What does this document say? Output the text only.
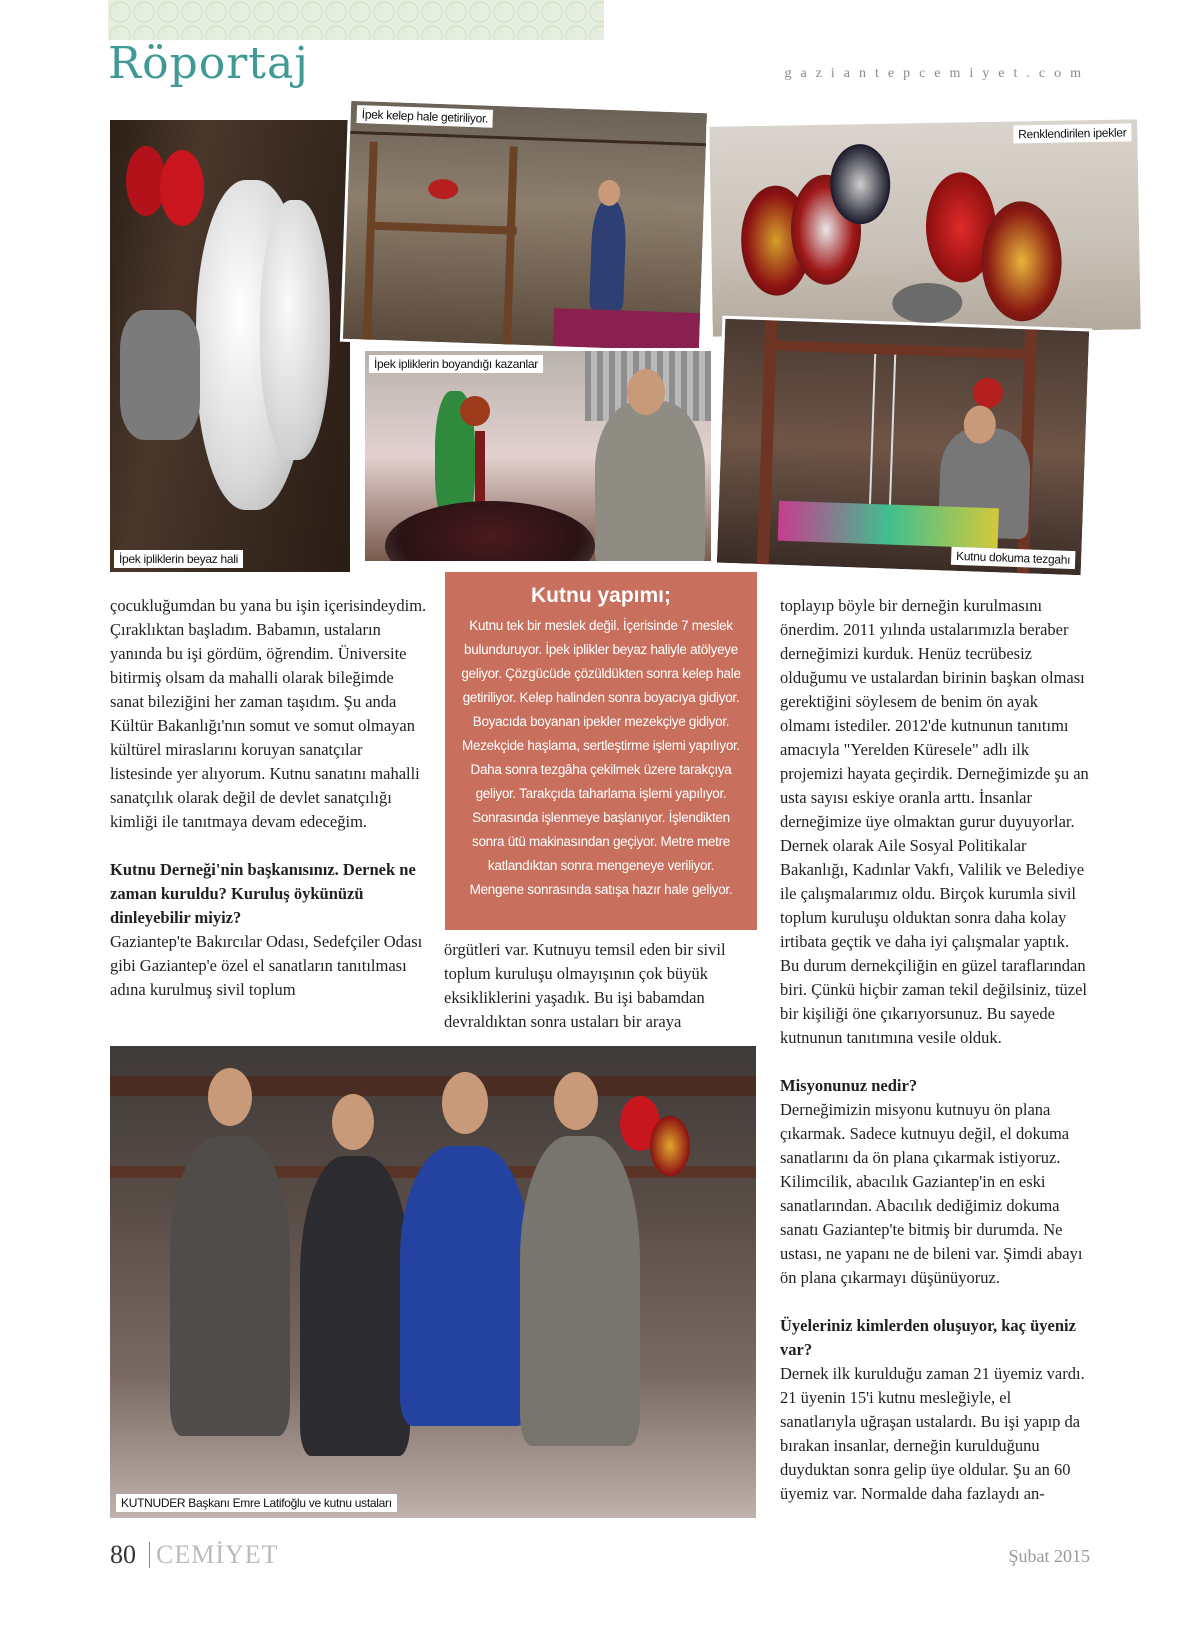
Röportaj	gaziantepcemiyet.com
İpek ipliklerin beyaz hali
İpek kelep hale getiriliyor.
Renklendirilen ipekler
İpek ipliklerin boyandığı kazanlar
Kutnu dokuma tezgahı

çocukluğumdan bu yana bu işin içerisindeydim. Çıraklıktan başladım. Babamın, ustaların yanında bu işi gördüm, öğrendim. Üniversite bitirmiş olsam da mahalli olarak bileğimde sanat bileziğini her zaman taşıdım. Şu anda Kültür Bakanlığı'nın somut ve somut olmayan kültürel miraslarını koruyan sanatçılar listesinde yer alıyorum. Kutnu sanatını mahalli sanatçılık olarak değil de devlet sanatçılığı kimliği ile tanıtmaya devam edeceğim.

Kutnu Derneği'nin başkanısınız. Dernek ne zaman kuruldu? Kuruluş öykünüzü dinleyebilir miyiz?
Gaziantep'te Bakırcılar Odası, Sedefçiler Odası gibi Gaziantep'e özel el sanatların tanıtılması adına kurulmuş sivil toplum
Kutnu yapımı;
Kutnu tek bir meslek değil. İçerisinde 7 meslek bulunduruyor. İpek iplikler beyaz haliyle atölyeye geliyor. Çözgücüde çözüldükten sonra kelep hale getiriliyor. Kelep halinden sonra boyacıya gidiyor. Boyacıda boyanan ipekler mezekçiye gidiyor. Mezekçide haşlama, sertleştirme işlemi yapılıyor. Daha sonra tezgâha çekilmek üzere tarakçıya geliyor. Tarakçıda taharlama işlemi yapılıyor. Sonrasında işlenmeye başlanıyor. İşlendikten sonra ütü makinasından geçiyor. Metre metre katlandıktan sonra mengeneye veriliyor. Mengene sonrasında satışa hazır hale geliyor.
örgütleri var. Kutnuyu temsil eden bir sivil toplum kuruluşu olmayışının çok büyük eksikliklerini yaşadık. Bu işi babamdan devraldıktan sonra ustaları bir araya

toplayıp böyle bir derneğin kurulmasını önerdim. 2011 yılında ustalarımızla beraber derneğimizi kurduk. Henüz tecrübesiz olduğumu ve ustalardan birinin başkan olması gerektiğini söylesem de benim ön ayak olmamı istediler. 2012'de kutnunun tanıtımı amacıyla "Yerelden Küresele" adlı ilk projemizi hayata geçirdik. Derneğimizde şu an usta sayısı eskiye oranla arttı. İnsanlar derneğimize üye olmaktan gurur duyuyorlar. Dernek olarak Aile Sosyal Politikalar Bakanlığı, Kadınlar Vakfı, Valilik ve Belediye ile çalışmalarımız oldu. Birçok kurumla sivil toplum kuruluşu olduktan sonra daha kolay irtibata geçtik ve daha iyi çalışmalar yaptık. Bu durum dernekçiliğin en güzel taraflarından biri. Çünkü hiçbir zaman tekil değilsiniz, tüzel bir kişiliği öne çıkarıyorsunuz. Bu sayede kutnunun tanıtımına vesile olduk.

Misyonunuz nedir?

Derneğimizin misyonu kutnuyu ön plana çıkarmak. Sadece kutnuyu değil, el dokuma sanatlarını da ön plana çıkarmak istiyoruz. Kilimcilik, abacılık Gaziantep'in en eski sanatlarından. Abacılık dediğimiz dokuma sanatı Gaziantep'te bitmiş bir durumda. Ne ustası, ne yapanı ne de bileni var. Şimdi abayı ön plana çıkarmayı düşünüyoruz.

Üyeleriniz kimlerden oluşuyor, kaç üyeniz var?
Dernek ilk kurulduğu zaman 21 üyemiz vardı. 21 üyenin 15'i kutnu mesleğiyle, el sanatlarıyla uğraşan ustalardı. Bu işi yapıp da bırakan insanlar, derneğin kurulduğunu duyduktan sonra gelip üye oldular. Şu an 60 üyemiz var. Normalde daha fazlaydı an-
KUTNUDER Başkanı Emre Latifoğlu ve kutnu ustaları
80 CEMİYET	Şubat 2015
